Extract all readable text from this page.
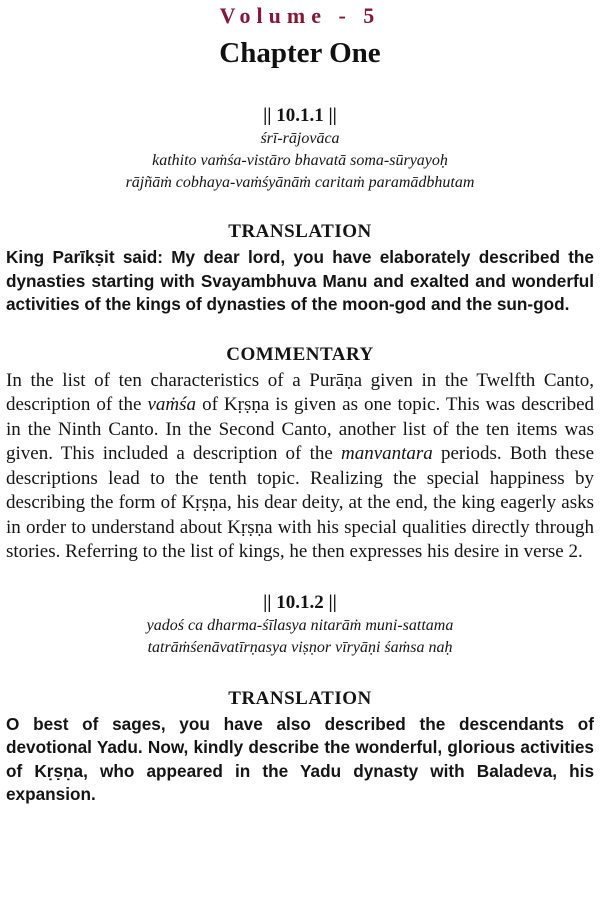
Volume - 5
Chapter One
|| 10.1.1 ||
śrī-rājovāca
kathito vaṁśa-vistāro bhavatā soma-sūryayoḥ
rājñāṁ cobhaya-vaṁśyānāṁ caritaṁ paramādbhutam
TRANSLATION

King Parīkṣit said: My dear lord, you have elaborately described the dynasties starting with Svayambhuva Manu and exalted and wonderful activities of the kings of dynasties of the moon-god and the sun-god.

COMMENTARY

In the list of ten characteristics of a Purāṇa given in the Twelfth Canto, description of the vaṁśa of Kṛṣṇa is given as one topic. This was described in the Ninth Canto. In the Second Canto, another list of the ten items was given. This included a description of the manvantara periods. Both these descriptions lead to the tenth topic. Realizing the special happiness by describing the form of Kṛṣṇa, his dear deity, at the end, the king eagerly asks in order to understand about Kṛṣṇa with his special qualities directly through stories. Referring to the list of kings, he then expresses his desire in verse 2.

|| 10.1.2 ||
yadoś ca dharma-śīlasya nitarāṁ muni-sattama
tatrāṁśenāvatīrṇasya viṣṇor vīryāṇi śaṁsa naḥ
TRANSLATION

O best of sages, you have also described the descendants of devotional Yadu. Now, kindly describe the wonderful, glorious activities of Kṛṣṇa, who appeared in the Yadu dynasty with Baladeva, his expansion.
